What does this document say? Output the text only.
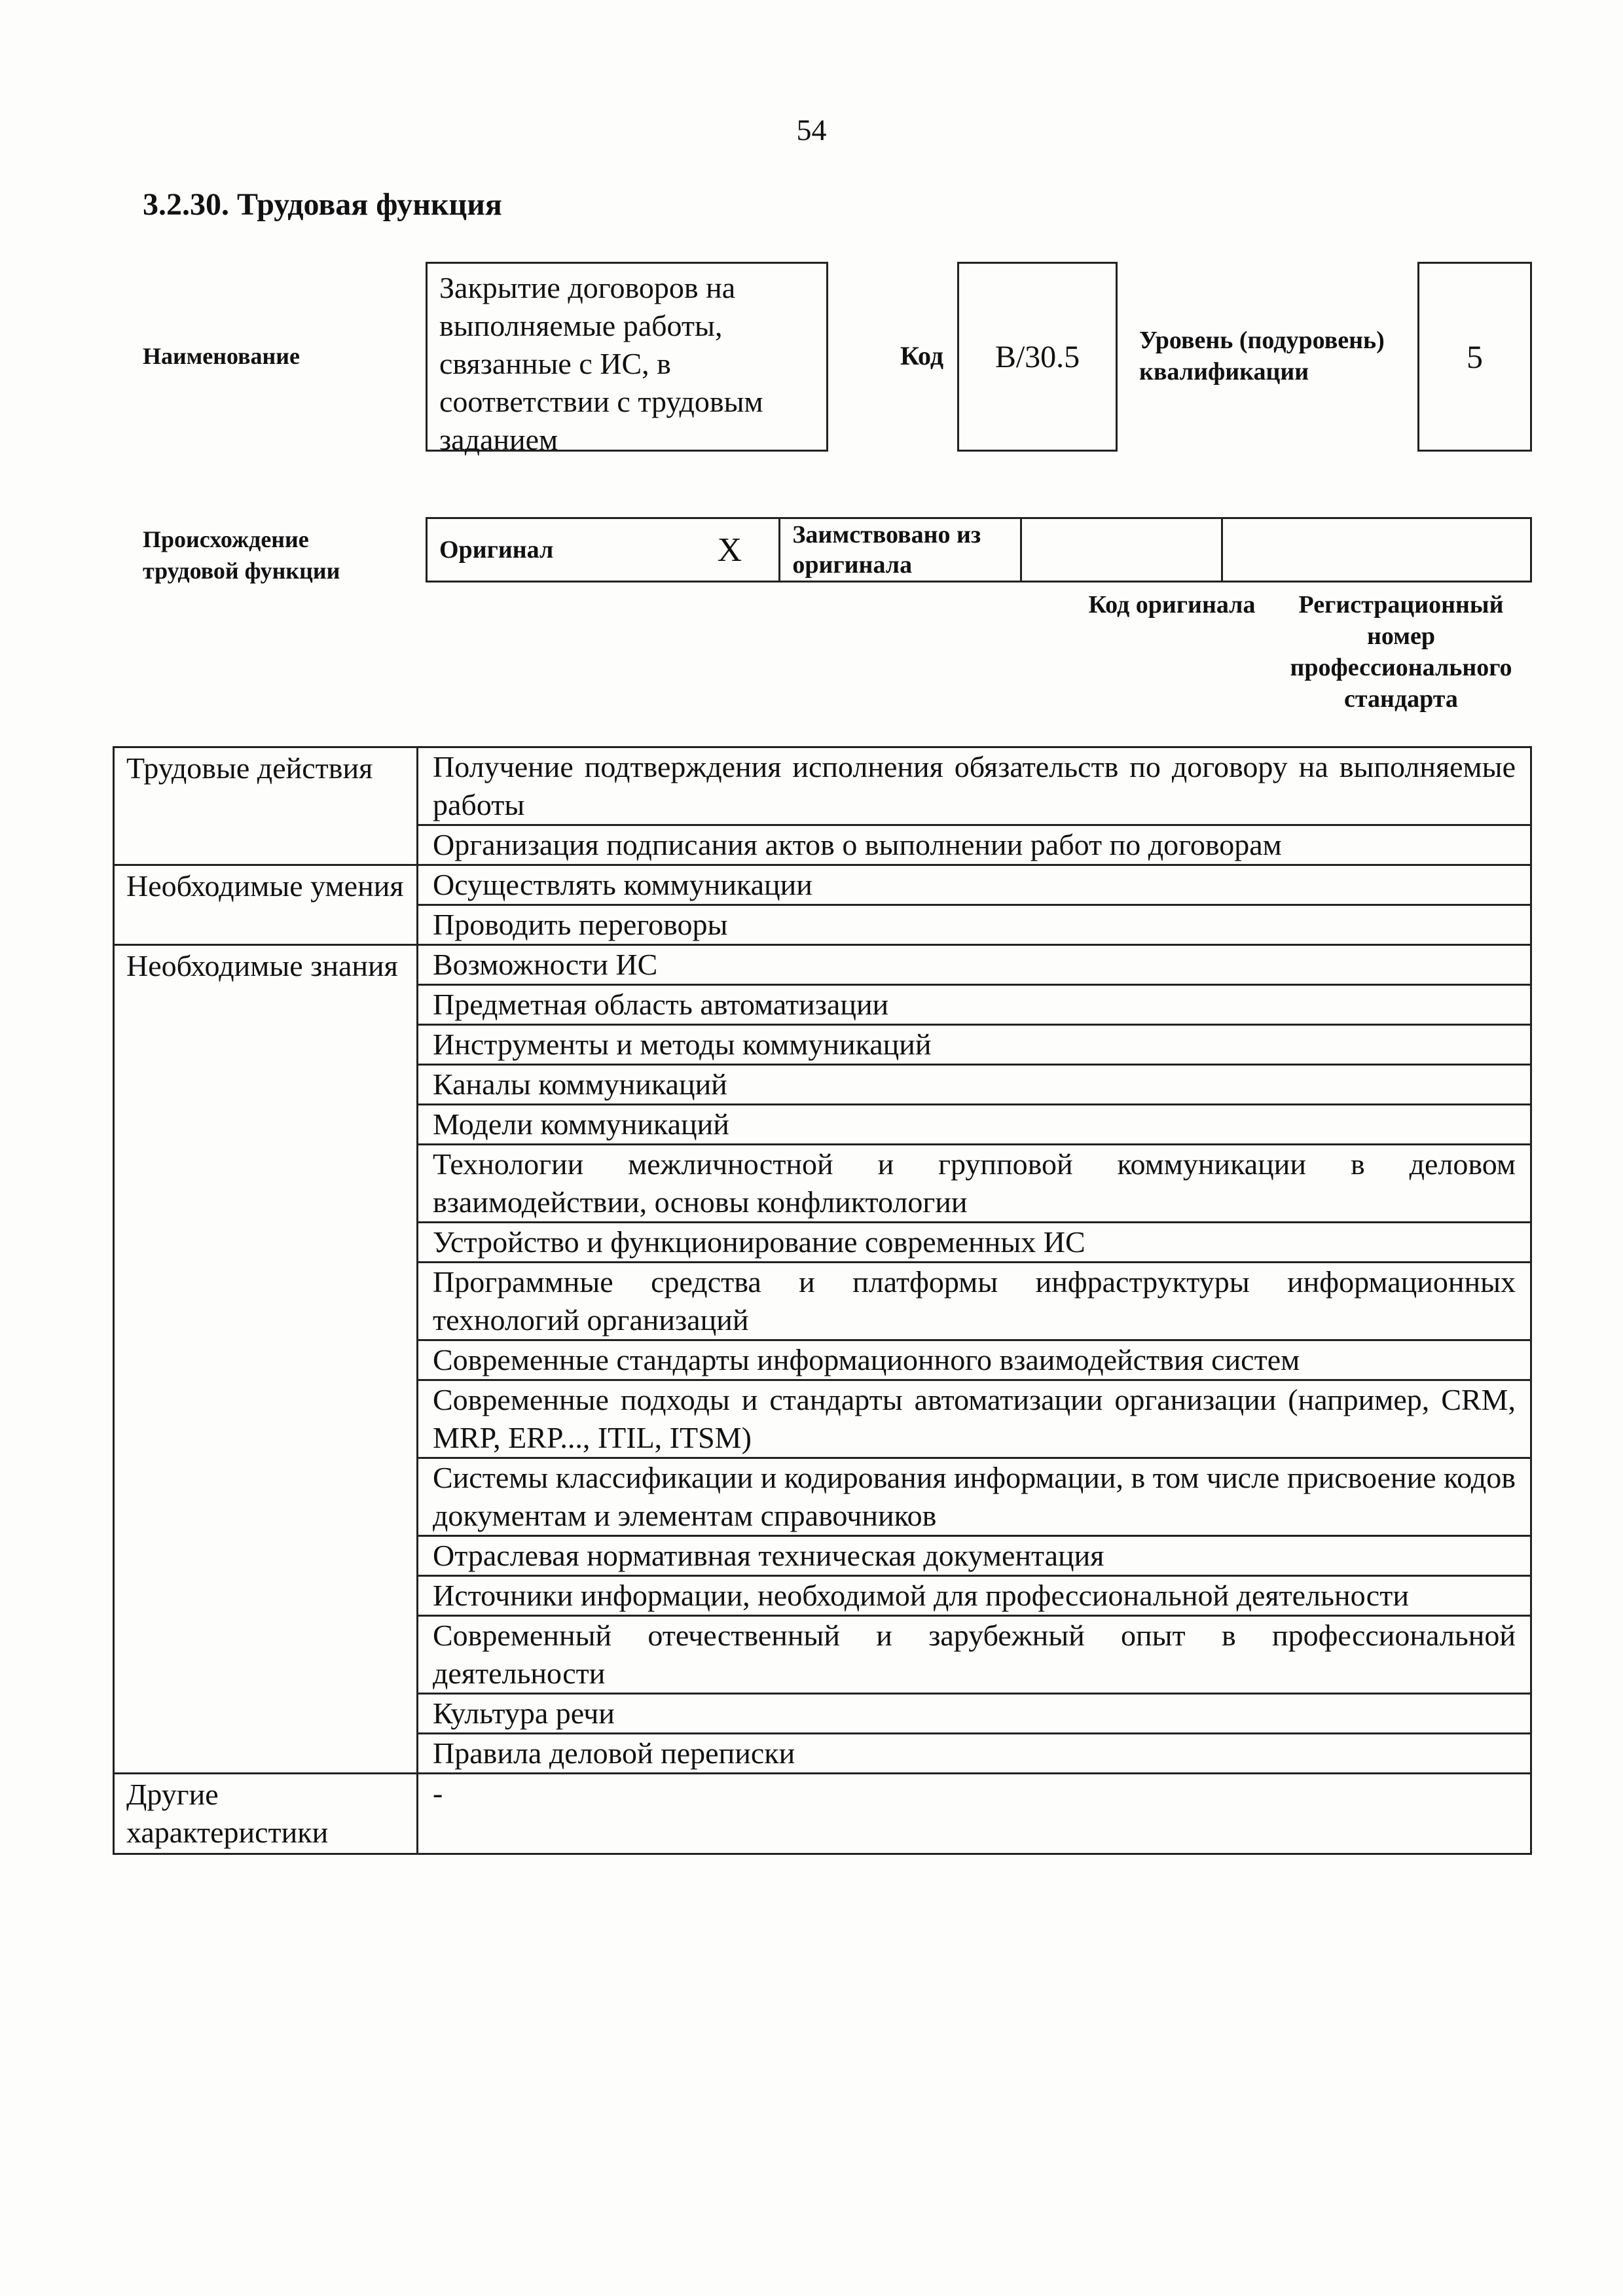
54
3.2.30. Трудовая функция
Наименование
Закрытие договоров на выполняемые работы, связанные с ИС, в соответствии с трудовым заданием
Код	B/30.5	Уровень (подуровень) квалификации	5
Происхождение трудовой функции
Оригинал	X	Заимствовано из оригинала		
Код оригинала	Регистрационный номер профессионального стандарта
Трудовые действия	Получение подтверждения исполнения обязательств по договору на выполняемые работы
	Организация подписания актов о выполнении работ по договорам
Необходимые умения	Осуществлять коммуникации
	Проводить переговоры
Необходимые знания	Возможности ИС
	Предметная область автоматизации
	Инструменты и методы коммуникаций
	Каналы коммуникаций
	Модели коммуникаций
	Технологии межличностной и групповой коммуникации в деловом взаимодействии, основы конфликтологии
	Устройство и функционирование современных ИС
	Программные средства и платформы инфраструктуры информационных технологий организаций
	Современные стандарты информационного взаимодействия систем
	Современные подходы и стандарты автоматизации организации (например, CRM, MRP, ERP..., ITIL, ITSM)
	Системы классификации и кодирования информации, в том числе присвоение кодов документам и элементам справочников
	Отраслевая нормативная техническая документация
	Источники информации, необходимой для профессиональной деятельности
	Современный отечественный и зарубежный опыт в профессиональной деятельности
	Культура речи
	Правила деловой переписки
Другие характеристики	-
